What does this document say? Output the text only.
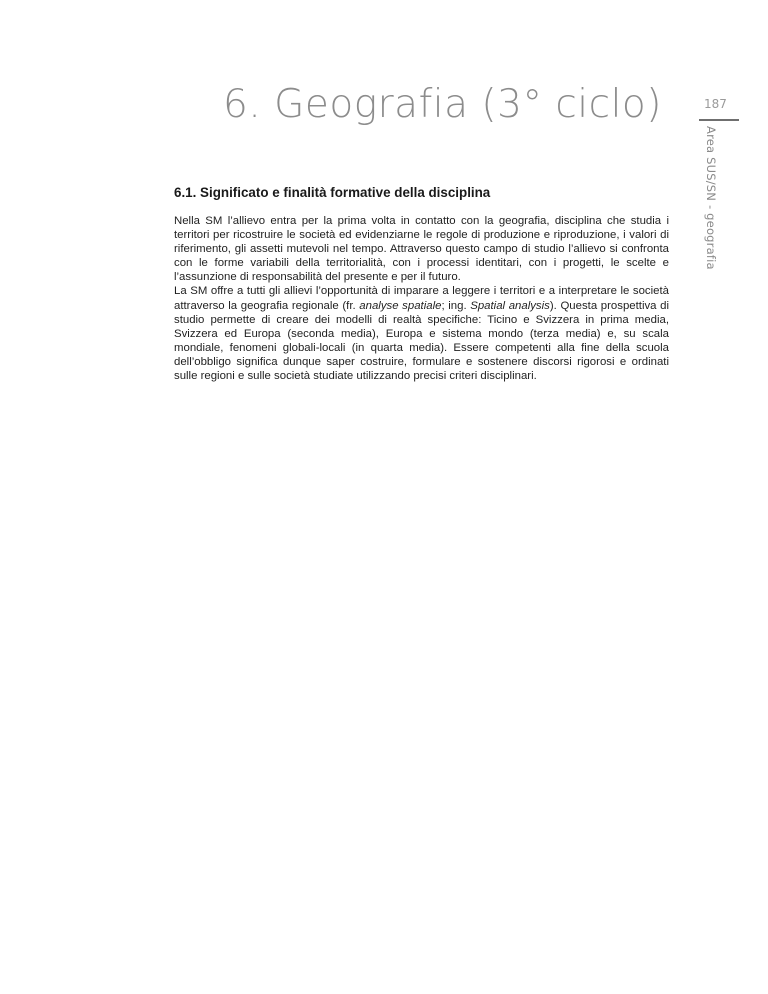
6. Geografia (3° ciclo)	187
Area SUS/SN - geografia
6.1. Significato e finalità formative della disciplina

Nella SM l’allievo entra per la prima volta in contatto con la geografia, disciplina che studia i territori per ricostruire le società ed evidenziarne le regole di produzione e riproduzione, i valori di riferimento, gli assetti mutevoli nel tempo. Attraverso questo campo di studio l’allievo si confronta con le forme variabili della territorialità, con i processi identitari, con i progetti, le scelte e l’assunzione di responsabilità del presente e per il futuro.

La SM offre a tutti gli allievi l’opportunità di imparare a leggere i territori e a interpretare le società attraverso la geografia regionale (fr. analyse spatiale; ing. Spatial analysis). Questa prospettiva di studio permette di creare dei modelli di realtà specifiche: Ticino e Svizzera in prima media, Svizzera ed Europa (seconda media), Europa e sistema mondo (terza media) e, su scala mondiale, fenomeni globali-locali (in quarta media). Essere competenti alla fine della scuola dell’obbligo significa dunque saper costruire, formulare e sostenere discorsi rigorosi e ordinati sulle regioni e sulle società studiate utilizzando precisi criteri disciplinari.
